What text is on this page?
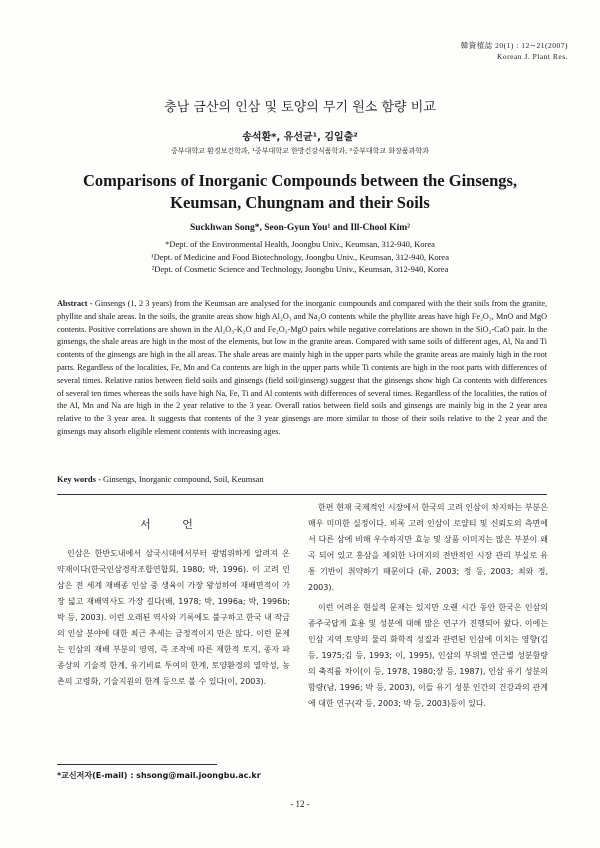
韓資植誌 20(1) : 12∼21(2007)
Korean J. Plant Res.
충남 금산의 인삼 및 토양의 무기 원소 함량 비교
송석환*, 유선균¹, 김일출²
중부대학교 환경보건학과, ¹중부대학교 한방건강식품학과, ²중부대학교 화장품과학과
Comparisons of Inorganic Compounds between the Ginsengs,
Keumsan, Chungnam and their Soils
Suckhwan Song*, Seon-Gyun You¹ and Ill-Chool Kim²
*Dept. of the Environmental Health, Joongbu Univ., Keumsan, 312-940, Korea
¹Dept. of Medicine and Food Biotechnology, Joongbu Univ., Keumsan, 312-940, Korea
²Dept. of Cosmetic Science and Technology, Joongbu Univ., Keumsan, 312-940, Korea
Abstract - Ginsengs (1, 2 3 years) from the Keumsan are analysed for the inorganic compounds and compared with the their soils from the granite, phyllite and shale areas. In the soils, the granite areas show high Al₂O₃ and Na₂O contents while the phyllite areas have high Fe₂O₃, MnO and MgO contents. Positive correlations are shown in the Al₂O₃-K₂O and Fe₂O₃-MgO pairs while negative correlations are shown in the SiO₂-CaO pair. In the ginsengs, the shale areas are high in the most of the elements, but low in the granite areas. Compared with same soils of different ages, Al, Na and Ti contents of the ginsengs are high in the all areas. The shale areas are mainly high in the upper parts while the granite areas are mainly high in the root parts. Regardless of the localities, Fe, Mn and Ca contents are high in the upper parts while Ti contents are high in the root parts with differences of several times. Relative ratios between field soils and ginsengs (field soil/ginseng) suggest that the ginsengs show high Ca contents with differences of several ten times whereas the soils have high Na, Fe, Ti and Al contents with differences of several times. Regardless of the localities, the ratios of the Al, Mn and Na are high in the 2 year relative to the 3 year. Overall ratios between field soils and ginsengs are mainly big in the 2 year area relative to the 3 year area. It suggests that contents of the 3 year ginsengs are more similar to those of their soils relative to the 2 year and the ginsengs may absorb eligible element contents with increasing ages.
Key words - Ginsengs, Inorganic compound, Soil, Keumsan
서 언
인삼은 한반도내에서 삼국시대에서부터 광범위하게 알려져 온 약재이다(한국인삼경작조합연합회, 1980; 박, 1996). 이 고려 인삼은 전 세계 재배종 인삼 중 생육이 가장 왕성하여 재배면적이 가장 넓고 재배역사도 가장 길다(배, 1978; 박, 1996a; 박, 1996b; 박 등, 2003). 이런 오래된 역사와 기록에도 불구하고 한국 내 작금의 인삼 분야에 대한 최근 추세는 긍정적이지 만은 않다. 이런 문제는 인삼의 재배 부분의 영역, 즉 조작에 따른 제한적 토지, 종자 파종상의 기술적 한계, 유기비료 투여의 한계, 토양환경의 열악성, 농촌의 고령화, 기술지원의 한계 등으로 볼 수 있다(이, 2003).
한편 현재 국제적인 시장에서 한국의 고려 인삼이 차지하는 부분은 매우 미미한 실정이다. 비록 고려 인삼이 로얄티 및 신뢰도의 측면에서 다른 삼에 비해 우수하지만 효능 및 상품 이미지는 많은 부분이 왜곡 되어 있고 홍삼을 제외한 나머지의 전반적인 시장 관리 부실로 유통 기반이 취약하기 때문이다 (류, 2003; 정 등, 2003; 최와 정, 2003).
이런 어려운 현실적 문제는 있지만 오랜 시간 동안 한국은 인삼의 종주국답게 효용 및 성분에 대해 많은 연구가 진행되어 왔다. 이에는 인삼 지역 토양의 물리 화학적 성질과 관련된 인삼에 미치는 영향(김 등, 1975;김 등, 1993; 이, 1995), 인삼의 부위별 연근별 성분함량의 축적률 차이(이 등, 1978, 1980;장 등, 1987), 인삼 유기 성분의 함량(남, 1996; 박 등, 2003), 이들 유기 성분 인간의 건강과의 관계에 대한 연구(곽 등, 2003; 박 등, 2003)등이 있다.
*교신저자(E-mail) : shsong@mail.joongbu.ac.kr
- 12 -
